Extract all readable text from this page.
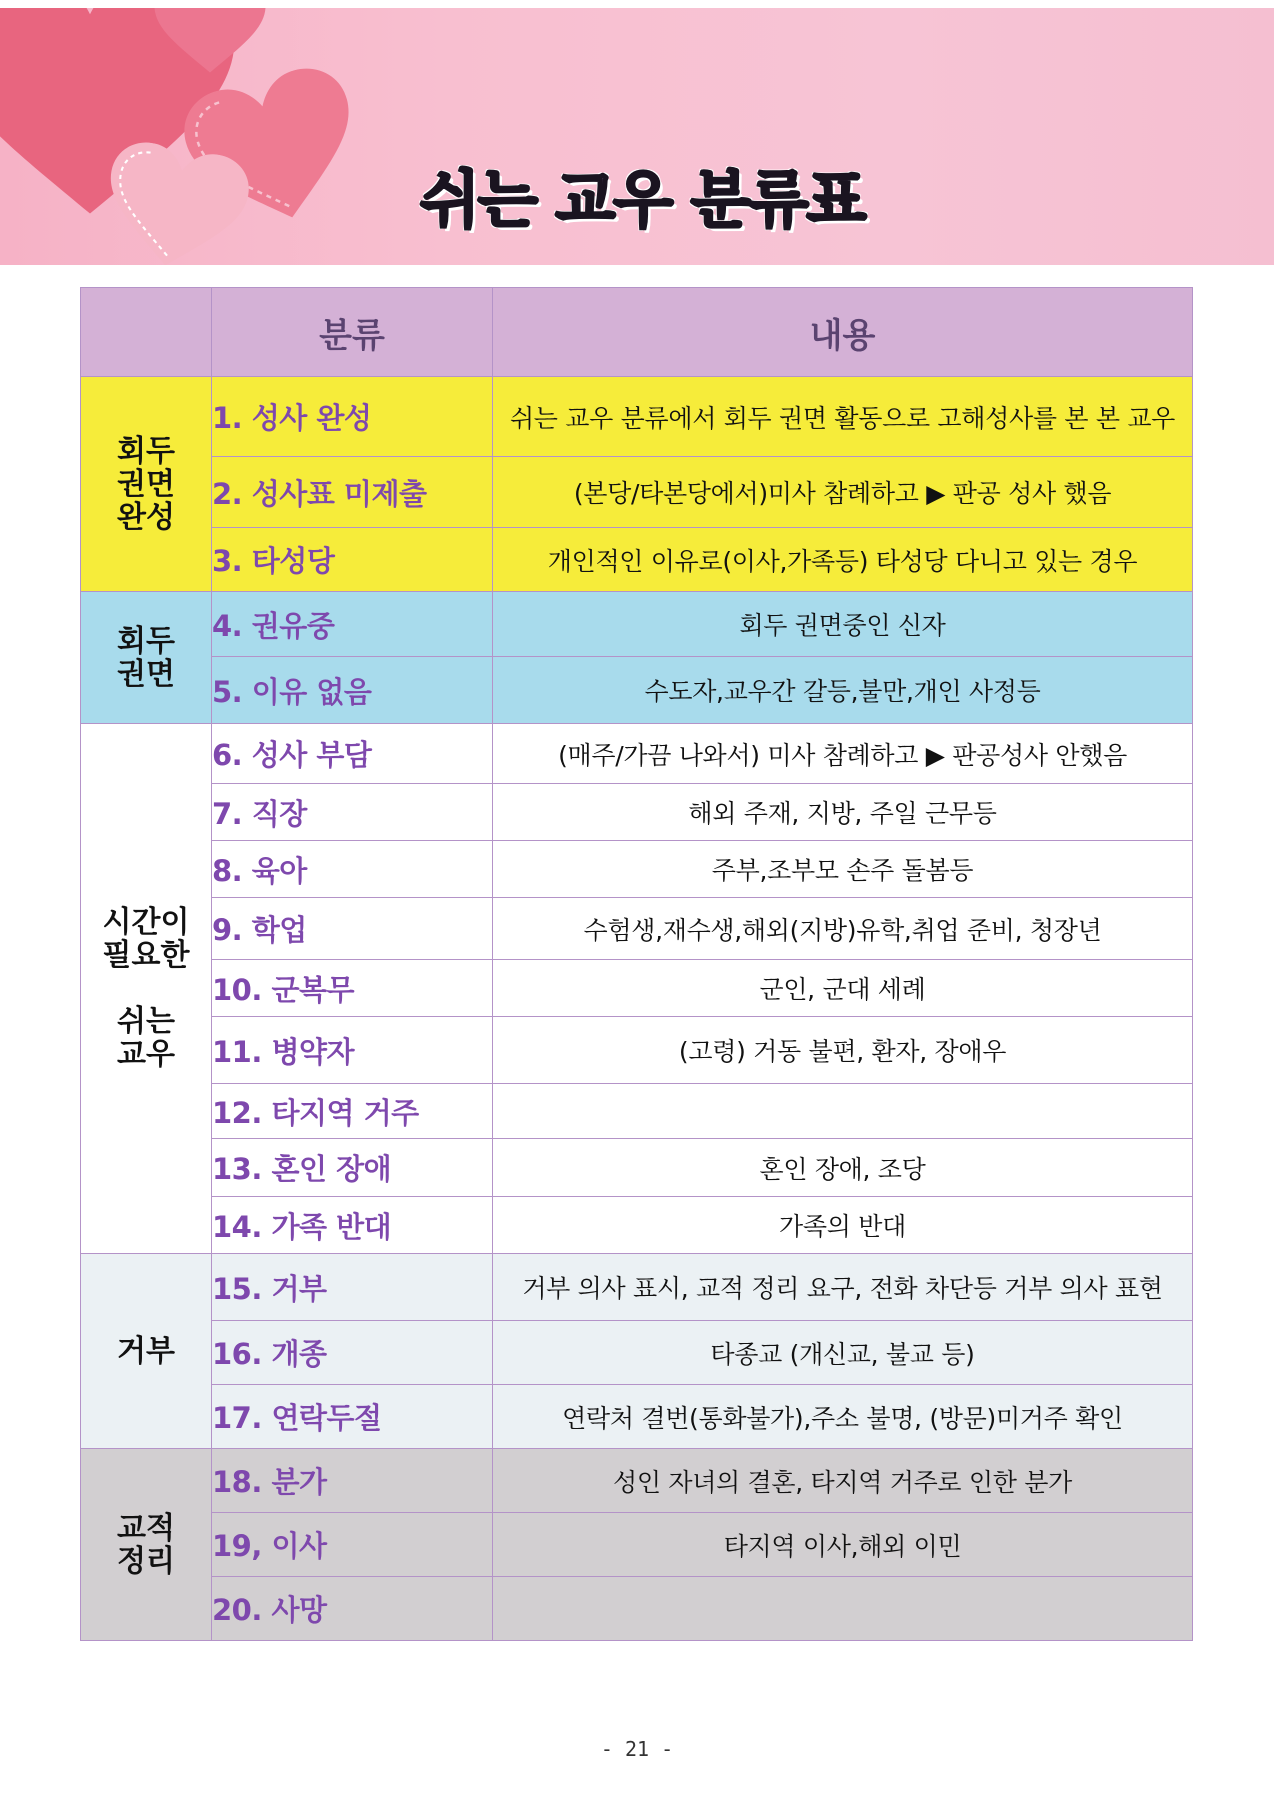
쉬는 교우 분류표
	분류	내용
회두
권면
완성	1. 성사 완성	쉬는 교우 분류에서 회두 권면 활동으로 고해성사를 본 본 교우
	2. 성사표 미제출	(본당/타본당에서)미사 참례하고 ▶ 판공 성사 했음
	3. 타성당	개인적인 이유로(이사,가족등) 타성당 다니고 있는 경우
회두
권면	4. 권유중	회두 권면중인 신자
	5. 이유 없음	수도자,교우간 갈등,불만,개인 사정등
시간이
필요한

쉬는
교우	6. 성사 부담	(매주/가끔 나와서) 미사 참례하고 ▶ 판공성사 안했음
	7. 직장	해외 주재, 지방, 주일 근무등
	8. 육아	주부,조부모 손주 돌봄등
	9. 학업	수험생,재수생,해외(지방)유학,취업 준비, 청장년
	10. 군복무	군인, 군대 세례
	11. 병약자	(고령) 거동 불편, 환자, 장애우
	12. 타지역 거주	
	13. 혼인 장애	혼인 장애, 조당
	14. 가족 반대	가족의 반대
거부	15. 거부	거부 의사 표시, 교적 정리 요구, 전화 차단등 거부 의사 표현
	16. 개종	타종교 (개신교, 불교 등)
	17. 연락두절	연락처 결번(통화불가),주소 불명, (방문)미거주 확인
교적
정리	18. 분가	성인 자녀의 결혼, 타지역 거주로 인한 분가
	19, 이사	타지역 이사,해외 이민
	20. 사망	
- 21 -
